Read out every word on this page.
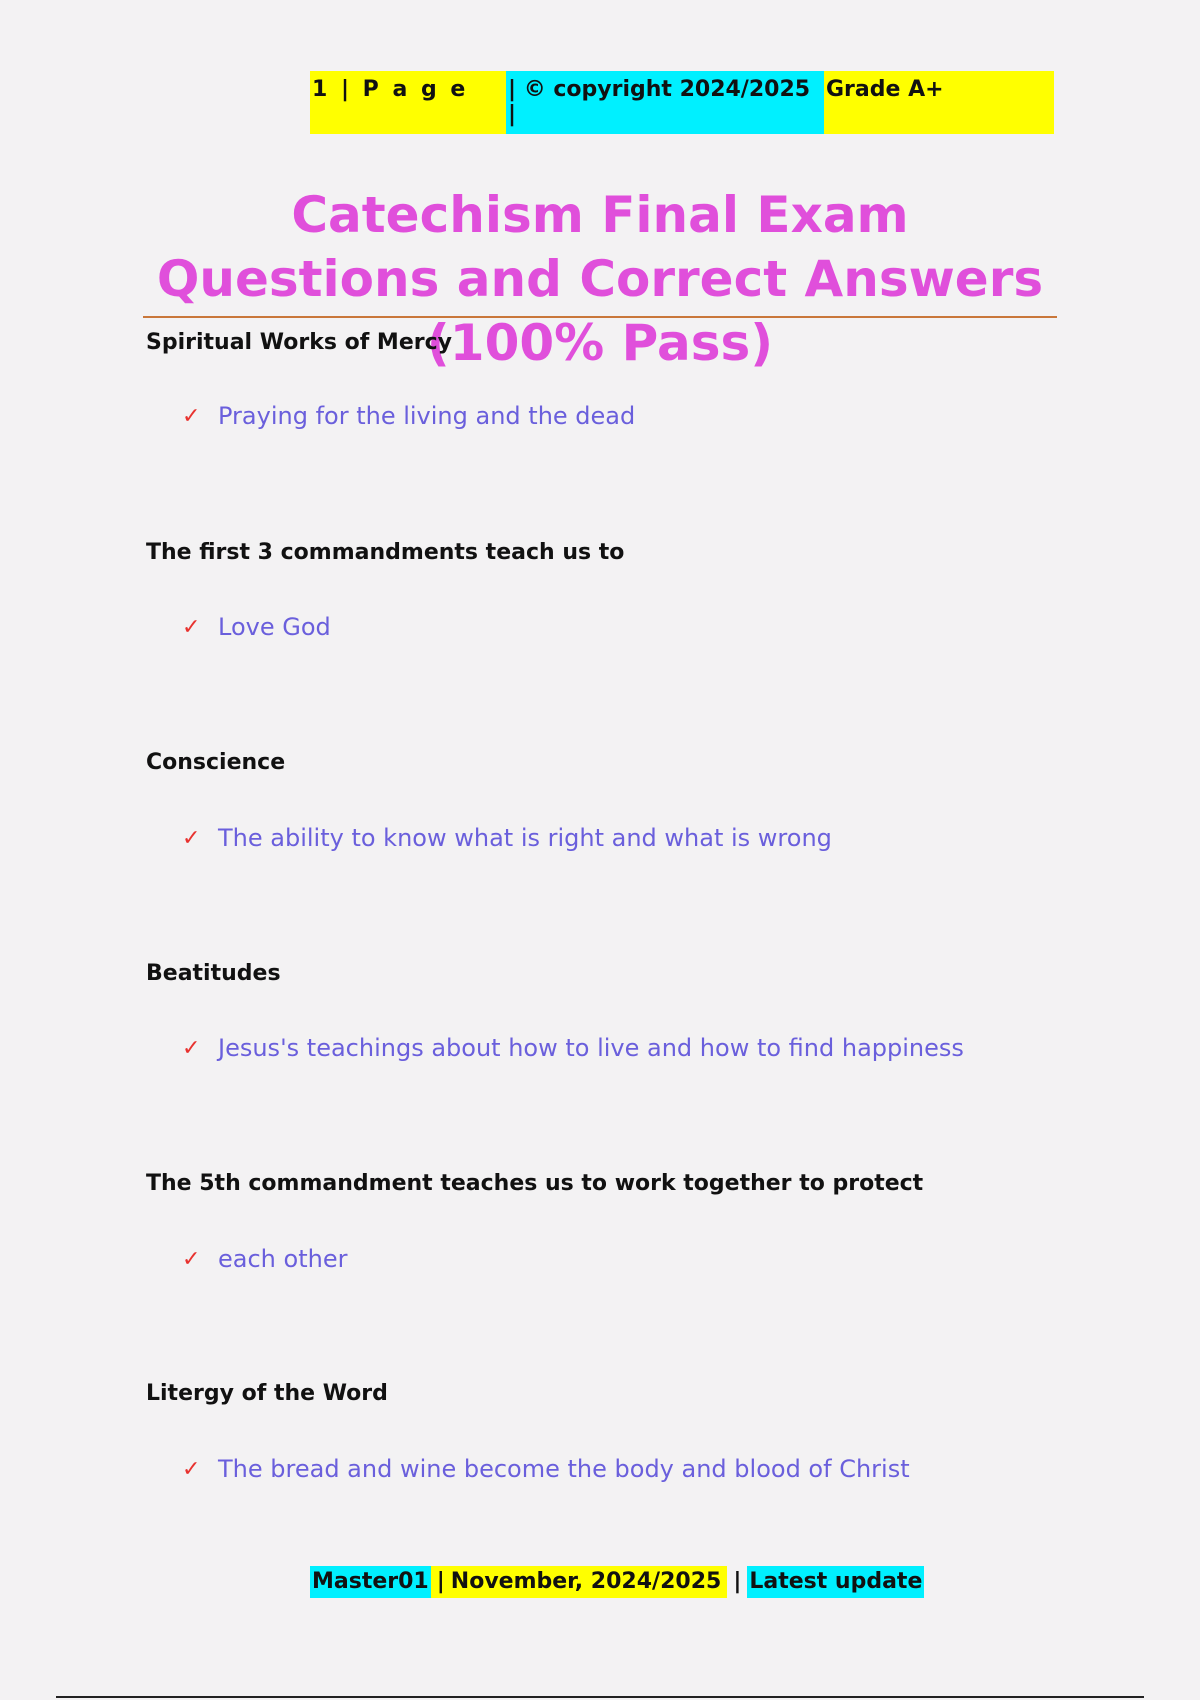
1 | P a g e	| © copyright 2024/2025 |
Grade A+
Catechism Final Exam Questions and Correct Answers (100% Pass)

Spiritual Works of Mercy

✓ Praying for the living and the dead

The first 3 commandments teach us to

✓ Love God

Conscience

✓ The ability to know what is right and what is wrong

Beatitudes

✓ Jesus's teachings about how to live and how to find happiness

The 5th commandment teaches us to work together to protect

✓ each other

Litergy of the Word

✓ The bread and wine become the body and blood of Christ
Master01 | November, 2024/2025 | Latest update
